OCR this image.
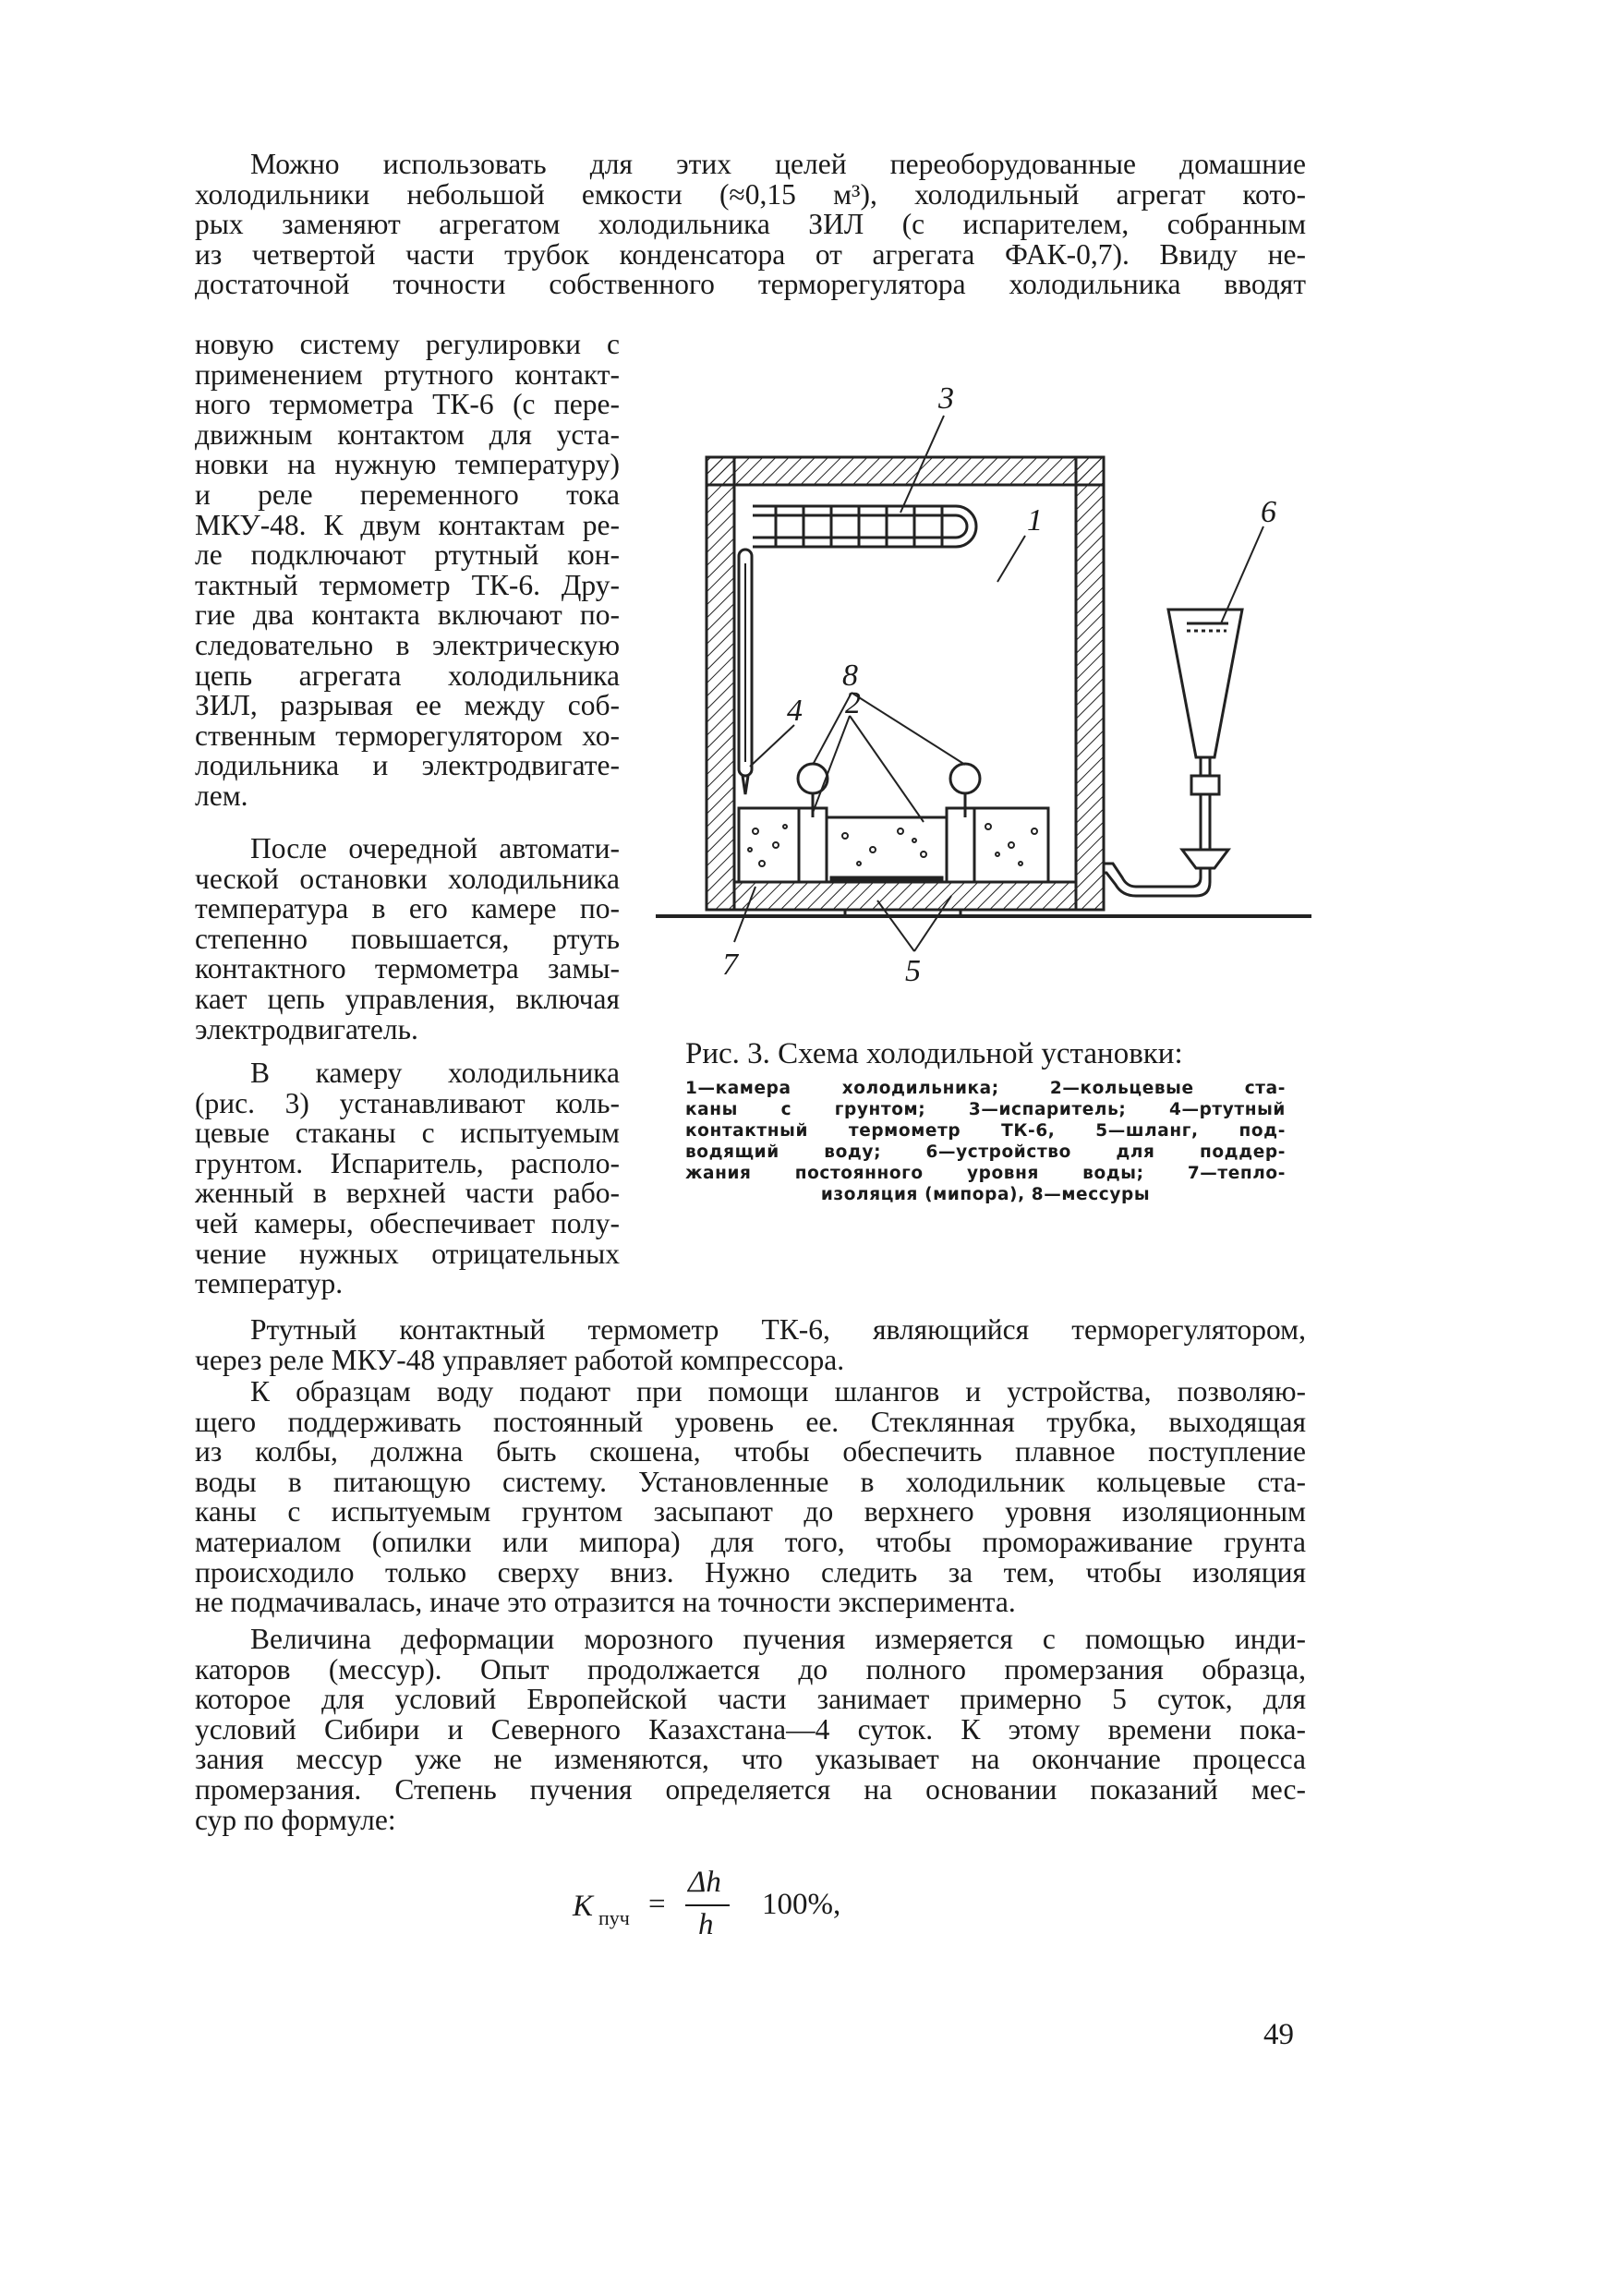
Можно использовать для этих целей переоборудованные домашние
холодильники небольшой емкости (≈0,15 м³), холодильный агрегат кото-
рых заменяют агрегатом холодильника ЗИЛ (с испарителем, собранным
из четвертой части трубок конденсатора от агрегата ФАК-0,7). Ввиду не-
достаточной точности собственного терморегулятора холодильника вводят
новую систему регулировки с
применением ртутного контакт-
ного термометра ТК-6 (с пере-
движным контактом для уста-
новки на нужную температуру)
и реле переменного тока
МКУ-48. К двум контактам ре-
ле подключают ртутный кон-
тактный термометр ТК-6. Дру-
гие два контакта включают по-
следовательно в электрическую
цепь агрегата холодильника
ЗИЛ, разрывая ее между соб-
ственным терморегулятором хо-
лодильника и электродвигате-
лем.
После очередной автомати-
ческой остановки холодильника
температура в его камере по-
степенно повышается, ртуть
контактного термометра замы-
кает цепь управления, включая
электродвигатель.
В камеру холодильника
(рис. 3) устанавливают коль-
цевые стаканы с испытуемым
грунтом. Испаритель, располо-
женный в верхней части рабо-
чей камеры, обеспечивает полу-
чение нужных отрицательных
температур.
3
1	6
8
4 2
7	5
Рис. 3. Схема холодильной установки:
1—камера холодильника; 2—кольцевые ста-
каны с грунтом; 3—испаритель; 4—ртутный
контактный термометр ТК-6, 5—шланг, под-
водящий воду; 6—устройство для поддер-
жания постоянного уровня воды; 7—тепло-
изоляция (мипора), 8—мессуры
Ртутный контактный термометр ТК-6, являющийся терморегулятором,
через реле МКУ-48 управляет работой компрессора.
К образцам воду подают при помощи шлангов и устройства, позволяю-
щего поддерживать постоянный уровень ее. Стеклянная трубка, выходящая
из колбы, должна быть скошена, чтобы обеспечить плавное поступление
воды в питающую систему. Установленные в холодильник кольцевые ста-
каны с испытуемым грунтом засыпают до верхнего уровня изоляционным
материалом (опилки или мипора) для того, чтобы промораживание грунта
происходило только сверху вниз. Нужно следить за тем, чтобы изоляция
не подмачивалась, иначе это отразится на точности эксперимента.
Величина деформации морозного пучения измеряется с помощью инди-
каторов (мессур). Опыт продолжается до полного промерзания образца,
которое для условий Европейской части занимает примерно 5 суток, для
условий Сибири и Северного Казахстана—4 суток. К этому времени пока-
зания мессур уже не изменяются, что указывает на окончание процесса
промерзания. Степень пучения определяется на основании показаний мес-
сур по формуле:
K пуч =
Δh
h
100%,
49
